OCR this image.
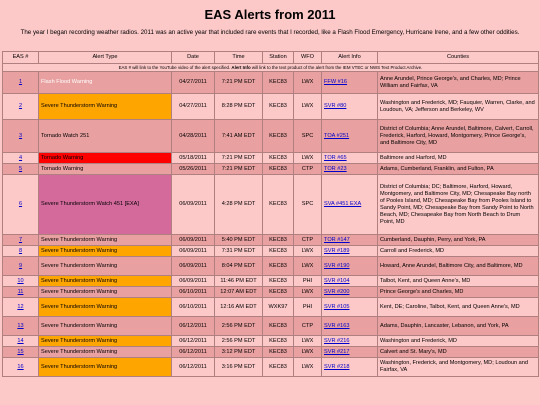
EAS Alerts from 2011
The year I began recording weather radios. 2011 was an active year that included rare events that I recorded, like a Flash Flood Emergency, Hurricane Irene, and a few other oddities.
EAS #	Alert Type	Date	Time	Station	WFO	Alert Info	Counties
EAS # will link to the YouTube video of the alert specified. Alert Info will link to the text product of the alert from the IEM VTEC or NWS Text Product Archive.							
1	Flash Flood Warning	04/27/2011	7:21 PM EDT	KEC83	LWX	FFW #16	Anne Arundel, Prince George's, and Charles, MD; Prince William and Fairfax, VA
2	Severe Thunderstorm Warning	04/27/2011	8:28 PM EDT	KEC83	LWX	SVR #80	Washington and Frederick, MD; Fauquier, Warren, Clarke, and Loudoun, VA; Jefferson and Berkeley, WV
3	Tornado Watch 251	04/28/2011	7:41 AM EDT	KEC83	SPC	TOA #251	District of Columbia; Anne Arundel, Baltimore, Calvert, Carroll, Frederick, Harford, Howard, Montgomery, Prince George's, and Baltimore City, MD
4	Tornado Warning	05/18/2011	7:21 PM EDT	KEC83	LWX	TOR #65	Baltimore and Harford, MD
5	Tornado Warning	05/26/2011	7:21 PM EDT	KEC83	CTP	TOR #23	Adams, Cumberland, Franklin, and Fulton, PA
6	Severe Thunderstorm Watch 451 [EXA]	06/09/2011	4:28 PM EDT	KEC83	SPC	SVA #451 EXA	District of Columbia; DC; Baltimore, Harford, Howard, Montgomery, and Baltimore City, MD; Chesapeake Bay north of Pooles Island, MD; Chesapeake Bay from Pooles Island to Sandy Point, MD; Chesapeake Bay from Sandy Point to North Beach, MD; Chesapeake Bay from North Beach to Drum Point, MD
7	Severe Thunderstorm Warning	06/09/2011	5:40 PM EDT	KEC83	CTP	TOR #147	Cumberland, Dauphin, Perry, and York, PA
8	Severe Thunderstorm Warning	06/09/2011	7:31 PM EDT	KEC83	LWX	SVR #189	Carroll and Frederick, MD
9	Severe Thunderstorm Warning	06/09/2011	8:04 PM EDT	KEC83	LWX	SVR #190	Howard, Anne Arundel, Baltimore City, and Baltimore, MD
10	Severe Thunderstorm Warning	06/09/2011	11:46 PM EDT	KEC83	PHI	SVR #104	Talbot, Kent, and Queen Anne's, MD
11	Severe Thunderstorm Warning	06/10/2011	12:07 AM EDT	KEC83	LWX	SVR #200	Prince George's and Charles, MD
12	Severe Thunderstorm Warning	06/10/2011	12:16 AM EDT	WXK97	PHI	SVR #105	Kent, DE; Caroline, Talbot, Kent, and Queen Anne's, MD
13	Severe Thunderstorm Warning	06/12/2011	2:56 PM EDT	KEC83	CTP	SVR #163	Adams, Dauphin, Lancaster, Lebanon, and York, PA
14	Severe Thunderstorm Warning	06/12/2011	2:56 PM EDT	KEC83	LWX	SVR #216	Washington and Frederick, MD
15	Severe Thunderstorm Warning	06/12/2011	3:12 PM EDT	KEC83	LWX	SVR #217	Calvert and St. Mary's, MD
16	Severe Thunderstorm Warning	06/12/2011	3:16 PM EDT	KEC83	LWX	SVR #218	Washington, Frederick, and Montgomery, MD; Loudoun and Fairfax, VA
